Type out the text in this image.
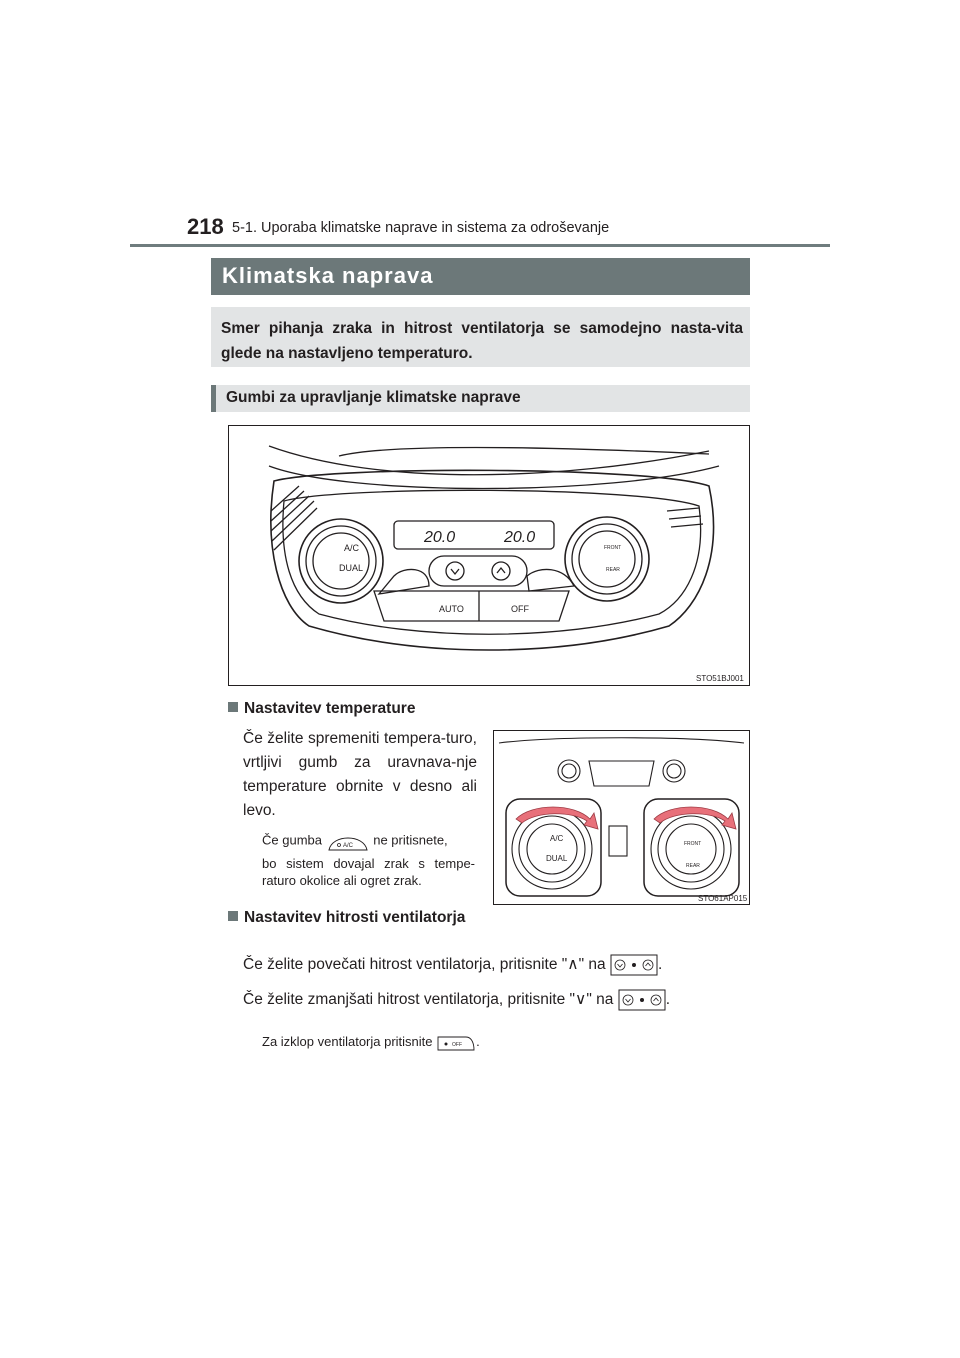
218 5-1. Uporaba klimatske naprave in sistema za odroševanje
Klimatska naprava

Smer pihanja zraka in hitrost ventilatorja se samodejno nasta-vita glede na nastavljeno temperaturo.

Gumbi za upravljanje klimatske naprave
A/C
DUAL
AUTO	OFF
FRONT
REAR
20.0	20.0
STO51BJ001
Nastavitev temperature
Če želite spremeniti tempera-turo, vrtljivi gumb za uravnava-nje temperature obrnite v desno ali levo.
Če gumba	A/C ne pritisnete,
bo sistem dovajal zrak s tempe-raturo okolice ali ogret zrak.
A/C
DUAL
FRONT
REAR
STO61AP015
Nastavitev hitrosti ventilatorja
Če želite povečati hitrost ventilatorja, pritisnite "∧" na	.
Če želite zmanjšati hitrost ventilatorja, pritisnite "∨" na	.
Za izklop ventilatorja pritisnite	OFF .
